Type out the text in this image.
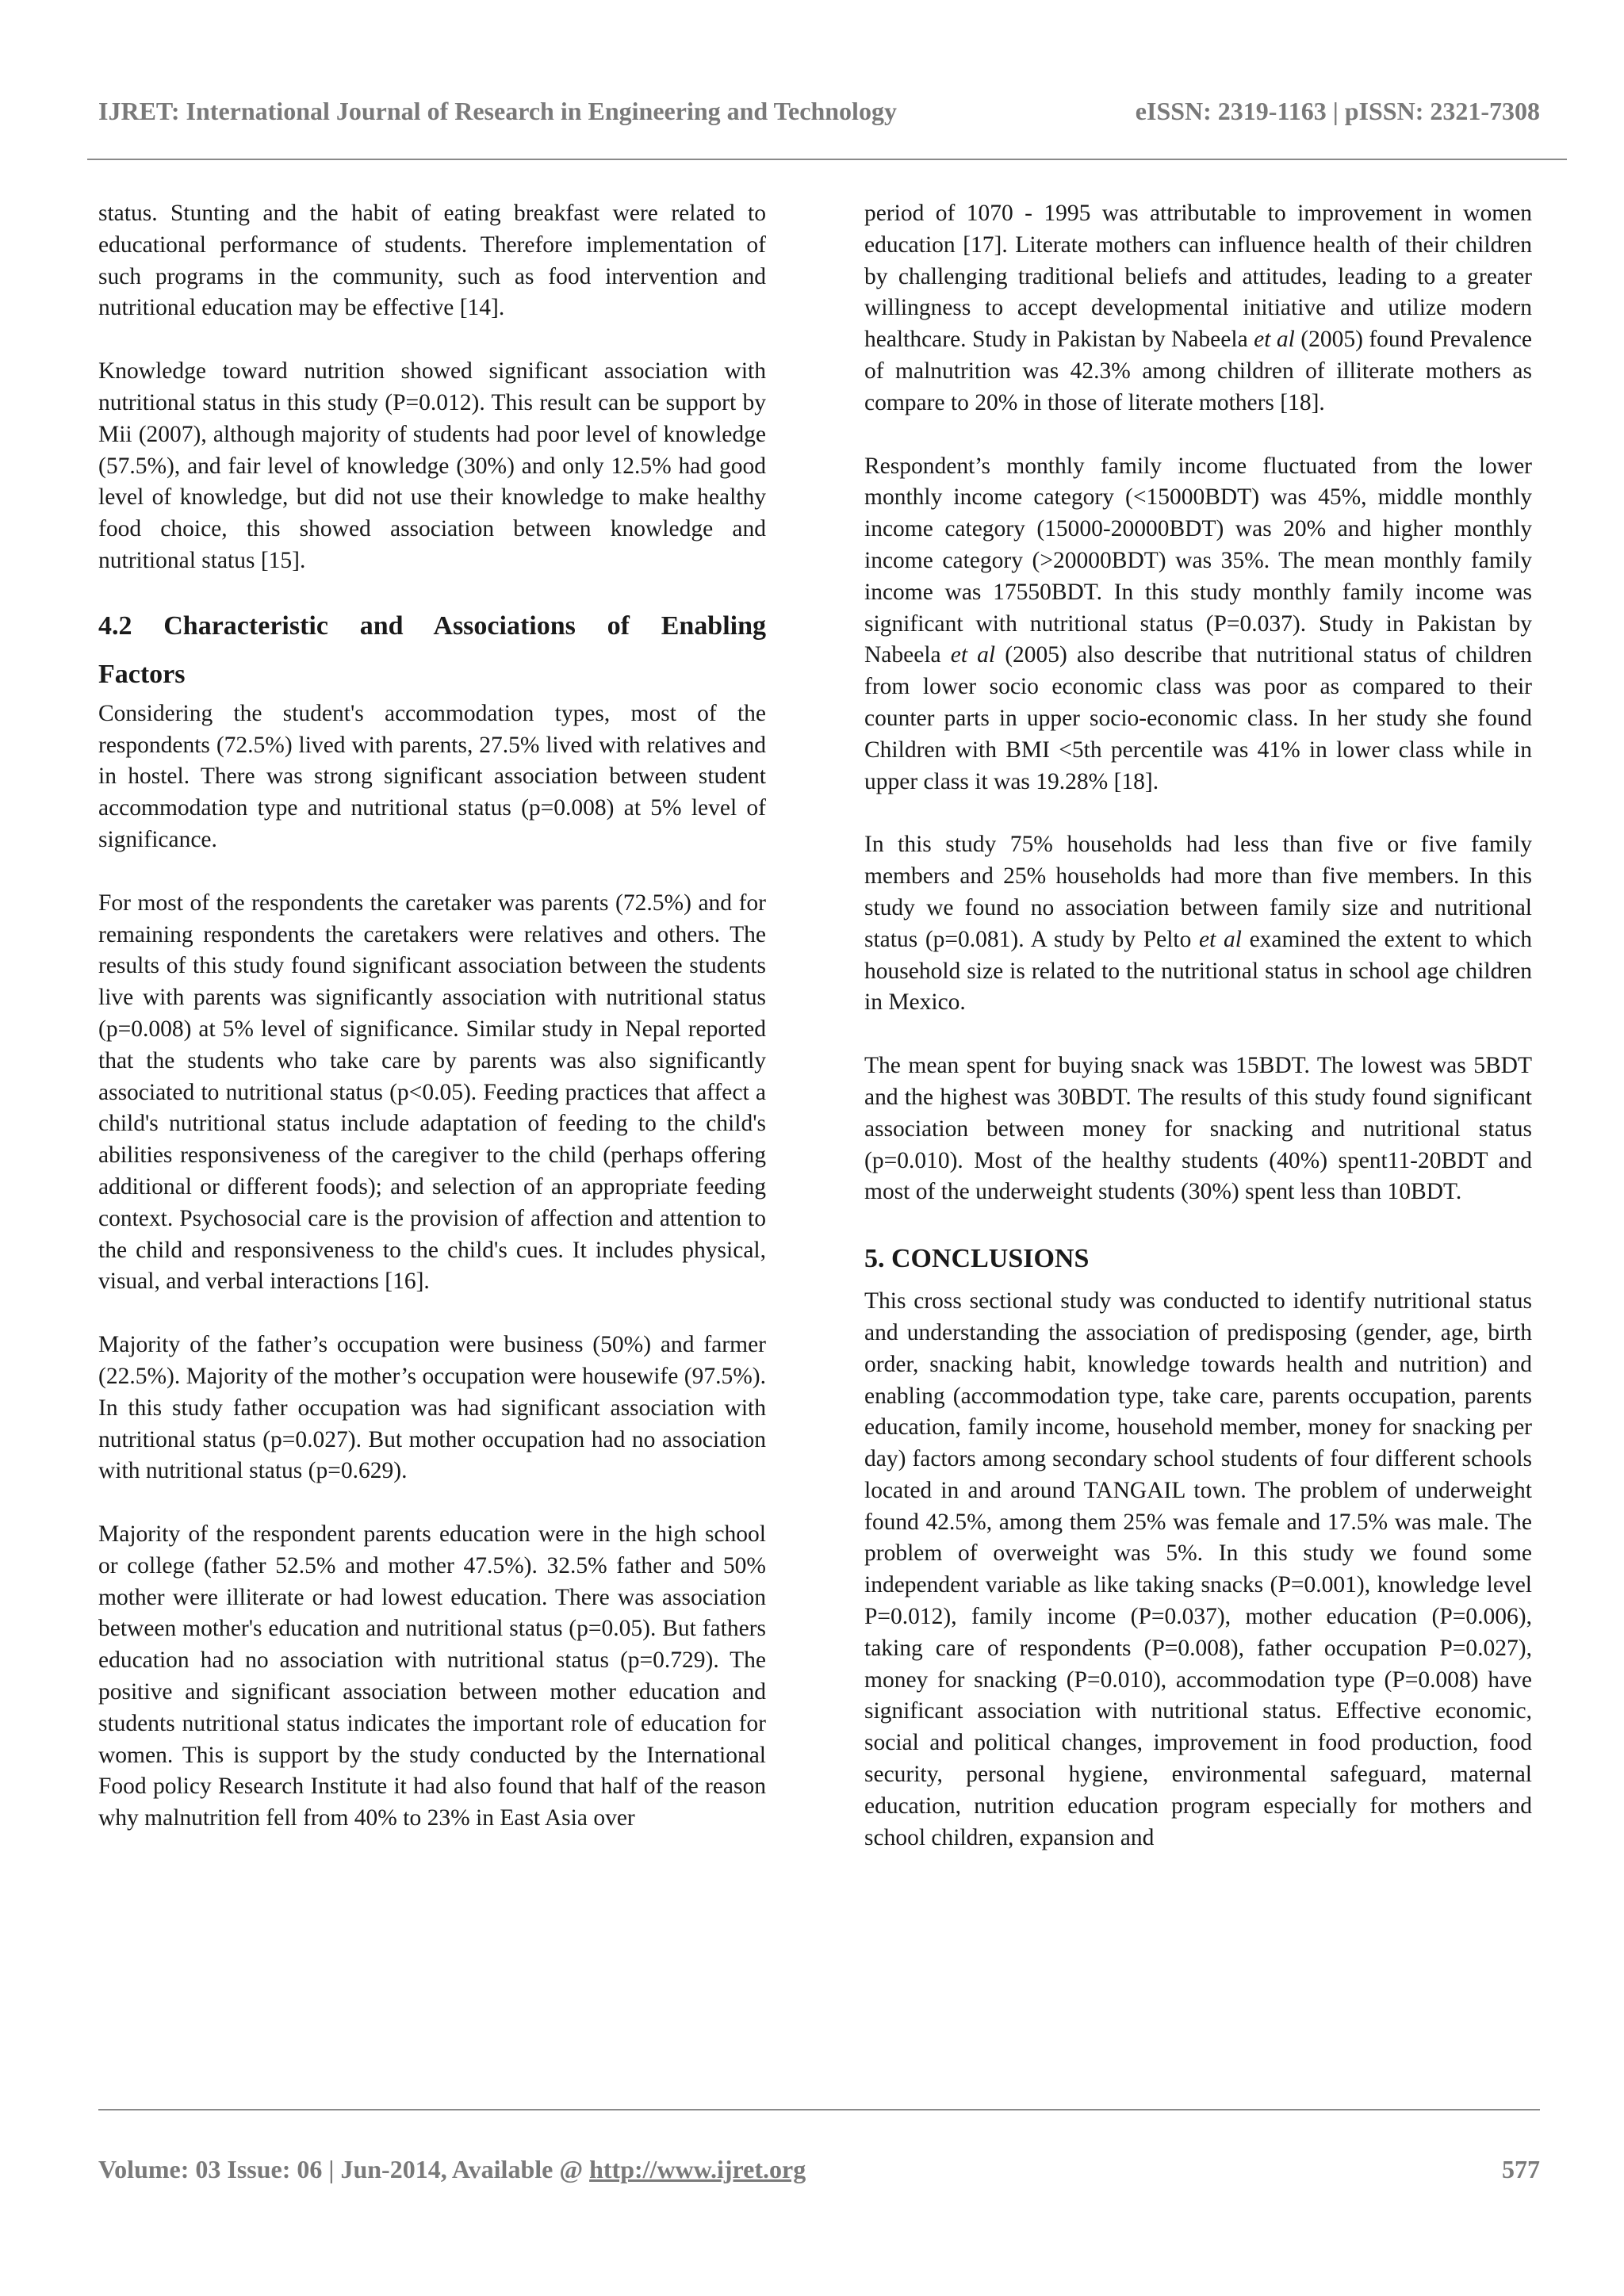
IJRET: International Journal of Research in Engineering and Technology	eISSN: 2319-1163 | pISSN: 2321-7308

status. Stunting and the habit of eating breakfast were related to educational performance of students. Therefore implementation of such programs in the community, such as food intervention and nutritional education may be effective [14].

Knowledge toward nutrition showed significant association with nutritional status in this study (P=0.012). This result can be support by Mii (2007), although majority of students had poor level of knowledge (57.5%), and fair level of knowledge (30%) and only 12.5% had good level of knowledge, but did not use their knowledge to make healthy food choice, this showed association between knowledge and nutritional status [15].

4.2 Characteristic and Associations of Enabling
Factors

Considering the student's accommodation types, most of the respondents (72.5%) lived with parents, 27.5% lived with relatives and in hostel. There was strong significant association between student accommodation type and nutritional status (p=0.008) at 5% level of significance.

For most of the respondents the caretaker was parents (72.5%) and for remaining respondents the caretakers were relatives and others. The results of this study found significant association between the students live with parents was significantly association with nutritional status (p=0.008) at 5% level of significance. Similar study in Nepal reported that the students who take care by parents was also significantly associated to nutritional status (p<0.05). Feeding practices that affect a child's nutritional status include adaptation of feeding to the child's abilities responsiveness of the caregiver to the child (perhaps offering additional or different foods); and selection of an appropriate feeding context. Psychosocial care is the provision of affection and attention to the child and responsiveness to the child's cues. It includes physical, visual, and verbal interactions [16].

Majority of the father’s occupation were business (50%) and farmer (22.5%). Majority of the mother’s occupation were housewife (97.5%). In this study father occupation was had significant association with nutritional status (p=0.027). But mother occupation had no association with nutritional status (p=0.629).

Majority of the respondent parents education were in the high school or college (father 52.5% and mother 47.5%). 32.5% father and 50% mother were illiterate or had lowest education. There was association between mother's education and nutritional status (p=0.05). But fathers education had no association with nutritional status (p=0.729). The positive and significant association between mother education and students nutritional status indicates the important role of education for women. This is support by the study conducted by the International Food policy Research Institute it had also found that half of the reason why malnutrition fell from 40% to 23% in East Asia over

period of 1070 - 1995 was attributable to improvement in women education [17]. Literate mothers can influence health of their children by challenging traditional beliefs and attitudes, leading to a greater willingness to accept developmental initiative and utilize modern healthcare. Study in Pakistan by Nabeela et al (2005) found Prevalence of malnutrition was 42.3% among children of illiterate mothers as compare to 20% in those of literate mothers [18].

Respondent’s monthly family income fluctuated from the lower monthly income category (<15000BDT) was 45%, middle monthly income category (15000-20000BDT) was 20% and higher monthly income category (>20000BDT) was 35%. The mean monthly family income was 17550BDT. In this study monthly family income was significant with nutritional status (P=0.037). Study in Pakistan by Nabeela et al (2005) also describe that nutritional status of children from lower socio economic class was poor as compared to their counter parts in upper socio-economic class. In her study she found Children with BMI <5th percentile was 41% in lower class while in upper class it was 19.28% [18].

In this study 75% households had less than five or five family members and 25% households had more than five members. In this study we found no association between family size and nutritional status (p=0.081). A study by Pelto et al examined the extent to which household size is related to the nutritional status in school age children in Mexico.

The mean spent for buying snack was 15BDT. The lowest was 5BDT and the highest was 30BDT. The results of this study found significant association between money for snacking and nutritional status (p=0.010). Most of the healthy students (40%) spent11-20BDT and most of the underweight students (30%) spent less than 10BDT.

5. CONCLUSIONS

This cross sectional study was conducted to identify nutritional status and understanding the association of predisposing (gender, age, birth order, snacking habit, knowledge towards health and nutrition) and enabling (accommodation type, take care, parents occupation, parents education, family income, household member, money for snacking per day) factors among secondary school students of four different schools located in and around TANGAIL town. The problem of underweight found 42.5%, among them 25% was female and 17.5% was male. The problem of overweight was 5%. In this study we found some independent variable as like taking snacks (P=0.001), knowledge level P=0.012), family income (P=0.037), mother education (P=0.006), taking care of respondents (P=0.008), father occupation P=0.027), money for snacking (P=0.010), accommodation type (P=0.008) have significant association with nutritional status. Effective economic, social and political changes, improvement in food production, food security, personal hygiene, environmental safeguard, maternal education, nutrition education program especially for mothers and school children, expansion and

Volume: 03 Issue: 06 | Jun-2014, Available @ http://www.ijret.org	577
